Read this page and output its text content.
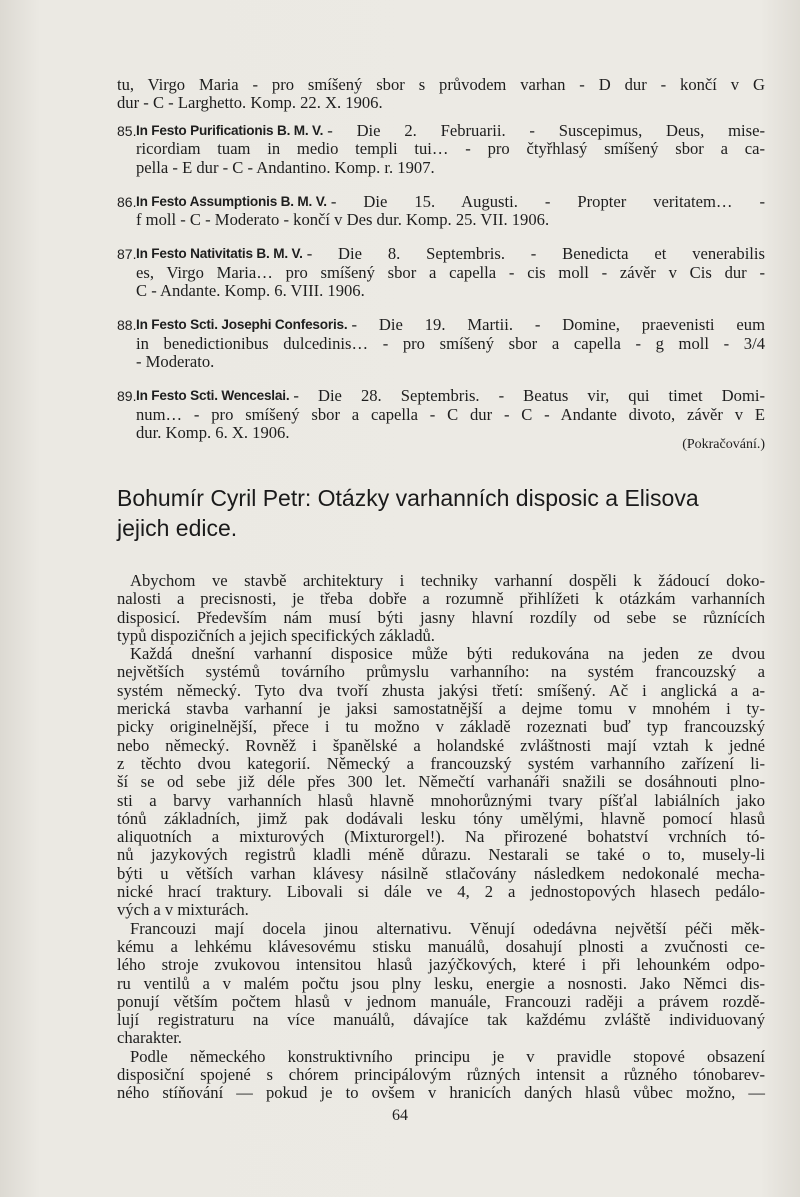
tu, Virgo Maria - pro smíšený sbor s průvodem varhan - D dur - končí v G
dur - C - Larghetto. Komp. 22. X. 1906.
85. In Festo Purificationis B. M. V. - Die 2. Februarii. - Suscepimus, Deus, mise-
ricordiam tuam in medio templi tui… - pro čtyřhlasý smíšený sbor a ca-
pella - E dur - C - Andantino. Komp. r. 1907.
86. In Festo Assumptionis B. M. V. - Die 15. Augusti. - Propter veritatem… -
f moll - C - Moderato - končí v Des dur. Komp. 25. VII. 1906.
87. In Festo Nativitatis B. M. V. - Die 8. Septembris. - Benedicta et venerabilis
es, Virgo Maria… pro smíšený sbor a capella - cis moll - závěr v Cis dur -
C - Andante. Komp. 6. VIII. 1906.
88. In Festo Scti. Josephi Confesoris. - Die 19. Martii. - Domine, praevenisti eum
in benedictionibus dulcedinis… - pro smíšený sbor a capella - g moll - 3/4
- Moderato.
89. In Festo Scti. Wenceslai. - Die 28. Septembris. - Beatus vir, qui timet Domi-
num… - pro smíšený sbor a capella - C dur - C - Andante divoto, závěr v E
dur. Komp. 6. X. 1906.
(Pokračování.)
Bohumír Cyril Petr: Otázky varhanních disposic a Elisova
jejich edice.
Abychom ve stavbě architektury i techniky varhanní dospěli k žádoucí doko-
nalosti a precisnosti, je třeba dobře a rozumně přihlížeti k otázkám varhanních
disposicí. Především nám musí býti jasny hlavní rozdíly od sebe se různících
typů dispozičních a jejich specifických základů.
Každá dnešní varhanní disposice může býti redukována na jeden ze dvou
největších systémů továrního průmyslu varhanního: na systém francouzský a
systém německý. Tyto dva tvoří zhusta jakýsi třetí: smíšený. Ač i anglická a a-
merická stavba varhanní je jaksi samostatnější a dejme tomu v mnohém i ty-
picky originelnější, přece i tu možno v základě rozeznati buď typ francouzský
nebo německý. Rovněž i španělské a holandské zvláštnosti mají vztah k jedné
z těchto dvou kategorií. Německý a francouzský systém varhanního zařízení li-
ší se od sebe již déle přes 300 let. Němečtí varhanáři snažili se dosáhnouti plno-
sti a barvy varhanních hlasů hlavně mnohorůznými tvary píšťal labiálních jako
tónů základních, jimž pak dodávali lesku tóny umělými, hlavně pomocí hlasů
aliquotních a mixturových (Mixturorgel!). Na přirozené bohatství vrchních tó-
nů jazykových registrů kladli méně důrazu. Nestarali se také o to, musely-li
býti u větších varhan klávesy násilně stlačovány následkem nedokonalé mecha-
nické hrací traktury. Libovali si dále ve 4, 2 a jednostopových hlasech pedálo-
vých a v mixturách.
Francouzi mají docela jinou alternativu. Věnují odedávna největší péči měk-
kému a lehkému klávesovému stisku manuálů, dosahují plnosti a zvučnosti ce-
lého stroje zvukovou intensitou hlasů jazýčkových, které i při lehounkém odpo-
ru ventilů a v malém počtu jsou plny lesku, energie a nosnosti. Jako Němci dis-
ponují větším počtem hlasů v jednom manuále, Francouzi raději a právem rozdě-
lují registraturu na více manuálů, dávajíce tak každému zvláště individuovaný
charakter.
Podle německého konstruktivního principu je v pravidle stopové obsazení
disposiční spojené s chórem principálovým různých intensit a různého tónobarev-
ného stíňování — pokud je to ovšem v hranicích daných hlasů vůbec možno, —
64
